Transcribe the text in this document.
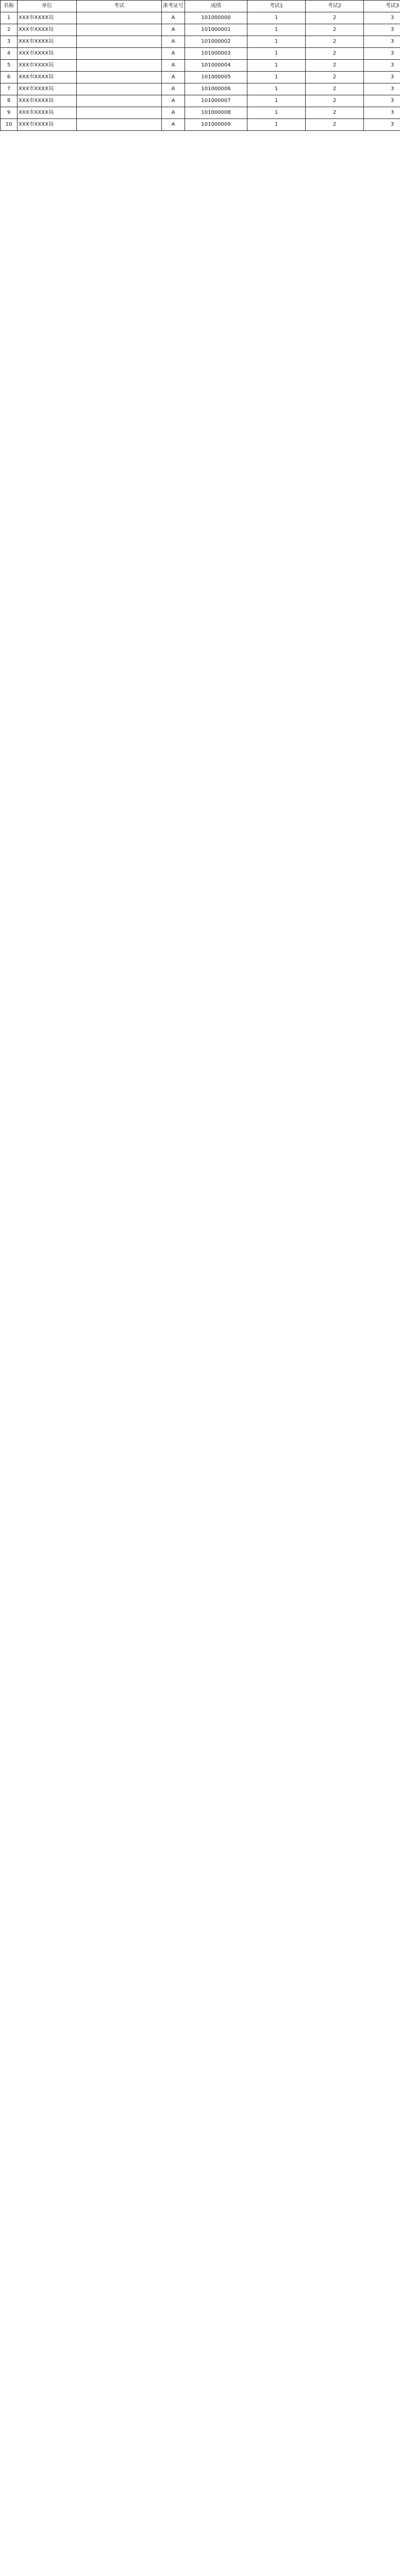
名称	单位	考试	准考证号	成绩	考试1	考试2	考试3
1	XXX市XXXX局		A	101000000	1	2	3
2	XXX市XXXX局		A	101000001	1	2	3
3	XXX市XXXX局		A	101000002	1	2	3
4	XXX市XXXX局		A	101000003	1	2	3
5	XXX市XXXX局		A	101000004	1	2	3
6	XXX市XXXX局		A	101000005	1	2	3
7	XXX市XXXX局		A	101000006	1	2	3
8	XXX市XXXX局		A	101000007	1	2	3
9	XXX市XXXX局		A	101000008	1	2	3
10	XXX市XXXX局		A	101000009	1	2	3
